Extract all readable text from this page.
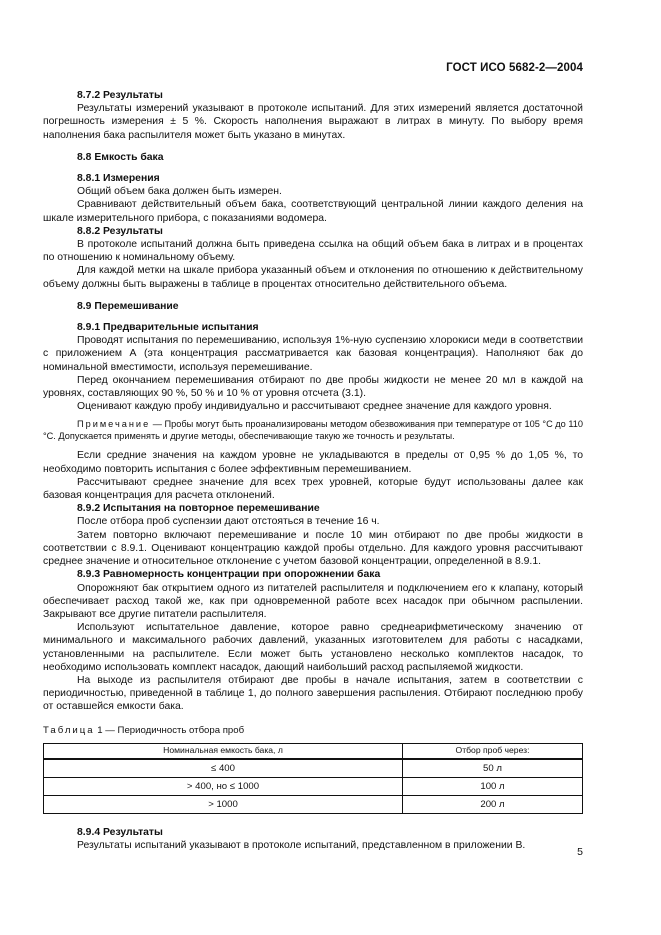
ГОСТ ИСО 5682-2—2004

8.7.2 Результаты

Результаты измерений указывают в протоколе испытаний. Для этих измерений является достаточной погрешность измерения ± 5 %. Скорость наполнения выражают в литрах в минуту. По выбору время наполнения бака распылителя может быть указано в минутах.

8.8 Емкость бака

8.8.1 Измерения

Общий объем бака должен быть измерен.

Сравнивают действительный объем бака, соответствующий центральной линии каждого деления на шкале измерительного прибора, с показаниями водомера.

8.8.2 Результаты

В протоколе испытаний должна быть приведена ссылка на общий объем бака в литрах и в процентах по отношению к номинальному объему.

Для каждой метки на шкале прибора указанный объем и отклонения по отношению к действительному объему должны быть выражены в таблице в процентах относительно действительного объема.

8.9 Перемешивание

8.9.1 Предварительные испытания

Проводят испытания по перемешиванию, используя 1%-ную суспензию хлорокиси меди в соответствии с приложением А (эта концентрация рассматривается как базовая концентрация). Наполняют бак до номинальной вместимости, используя перемешивание.

Перед окончанием перемешивания отбирают по две пробы жидкости не менее 20 мл в каждой на уровнях, составляющих 90 %, 50 % и 10 % от уровня отсчета (3.1).

Оценивают каждую пробу индивидуально и рассчитывают среднее значение для каждого уровня.

Примечание — Пробы могут быть проанализированы методом обезвоживания при температуре от 105 °С до 110 °С. Допускается применять и другие методы, обеспечивающие такую же точность и результаты.

Если средние значения на каждом уровне не укладываются в пределы от 0,95 % до 1,05 %, то необходимо повторить испытания с более эффективным перемешиванием.

Рассчитывают среднее значение для всех трех уровней, которые будут использованы далее как базовая концентрация для расчета отклонений.

8.9.2 Испытания на повторное перемешивание

После отбора проб суспензии дают отстояться в течение 16 ч.

Затем повторно включают перемешивание и после 10 мин отбирают по две пробы жидкости в соответствии с 8.9.1. Оценивают концентрацию каждой пробы отдельно. Для каждого уровня рассчитывают среднее значение и относительное отклонение с учетом базовой концентрации, определенной в 8.9.1.

8.9.3 Равномерность концентрации при опорожнении бака

Опорожняют бак открытием одного из питателей распылителя и подключением его к клапану, который обеспечивает расход такой же, как при одновременной работе всех насадок при обычном распылении. Закрывают все другие питатели распылителя.

Используют испытательное давление, которое равно среднеарифметическому значению от минимального и максимального рабочих давлений, указанных изготовителем для работы с насадками, установленными на распылителе. Если может быть установлено несколько комплектов насадок, то необходимо использовать комплект насадок, дающий наибольший расход распыляемой жидкости.

На выходе из распылителя отбирают две пробы в начале испытания, затем в соответствии с периодичностью, приведенной в таблице 1, до полного завершения распыления. Отбирают последнюю пробу от оставшейся емкости бака.

Таблица 1 — Периодичность отбора проб

Номинальная емкость бака, л	Отбор проб через:
≤ 400	50 л
> 400, но ≤ 1000	100 л
> 1000	200 л

8.9.4 Результаты

Результаты испытаний указывают в протоколе испытаний, представленном в приложении В.

5
